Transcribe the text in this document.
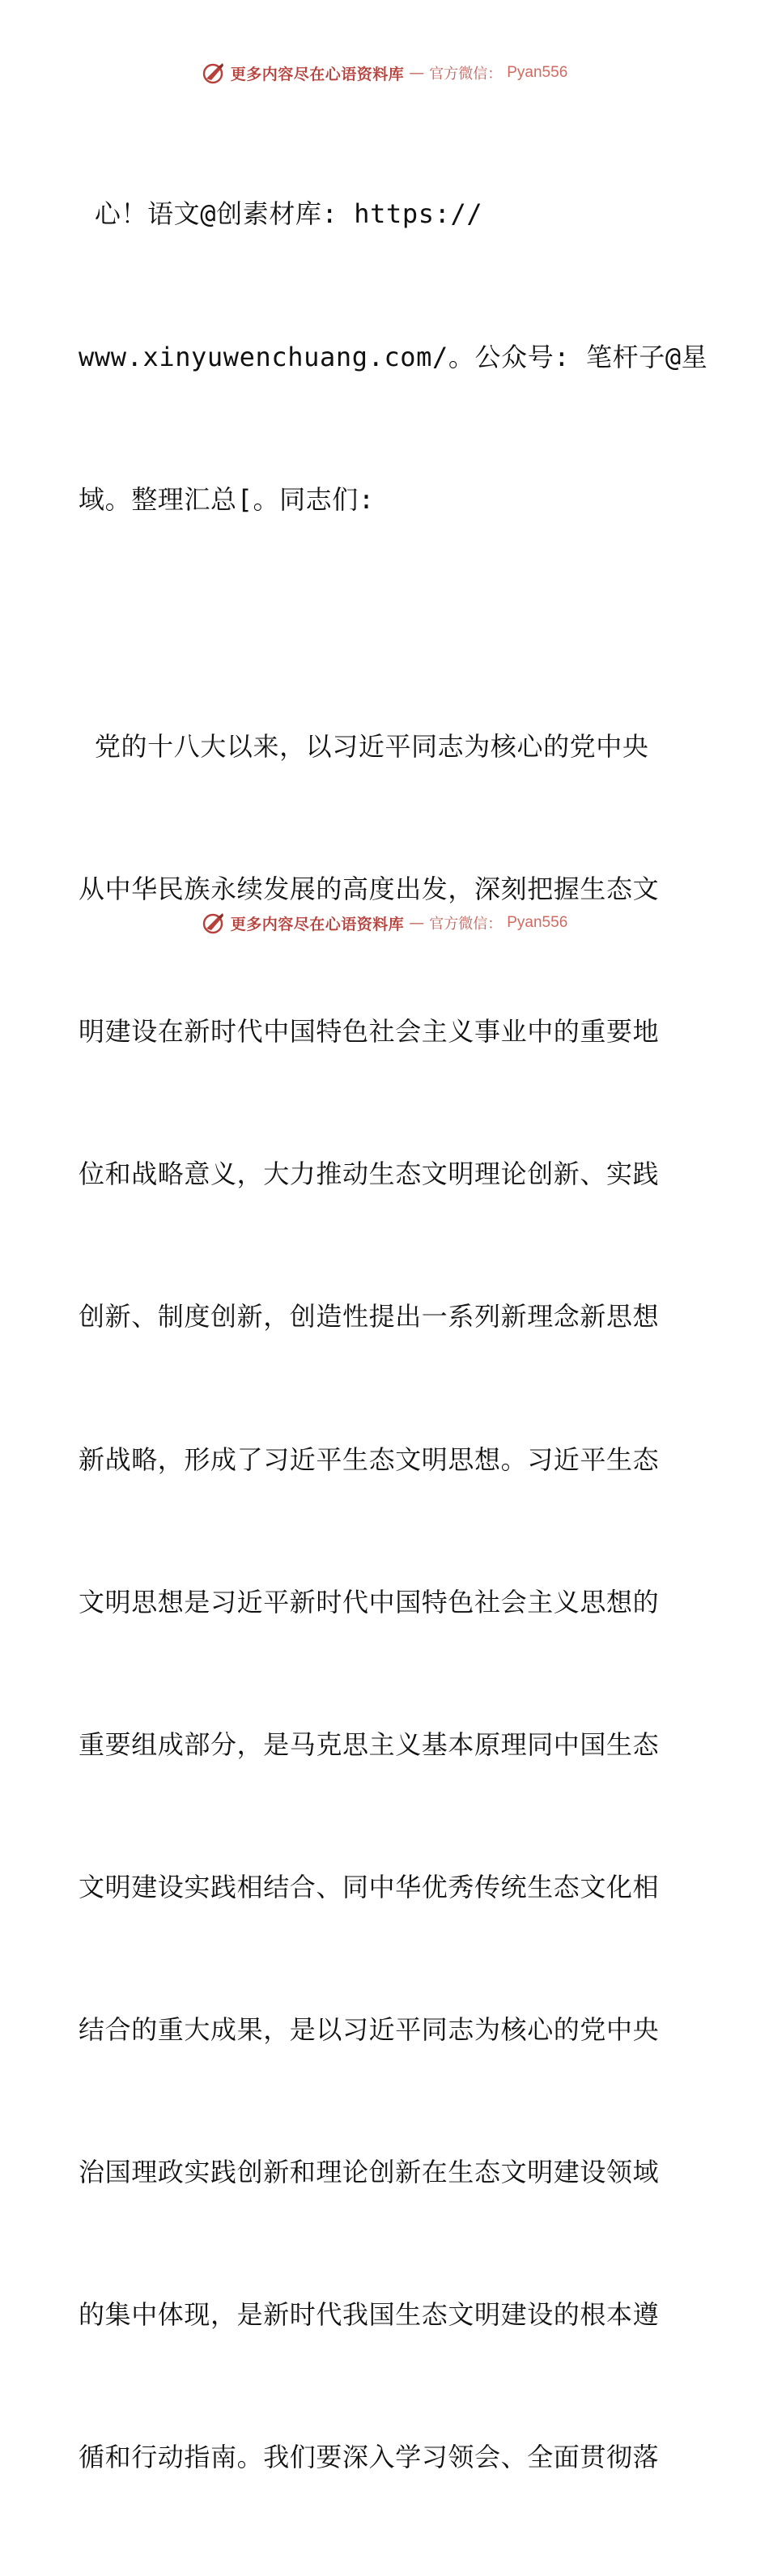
更多内容尽在心语资料库 — 官方微信： Pyan556

心！语文@创素材库: https://

www.xinyuwenchuang.com/。公众号: 笔杆子@星

域。整理汇总[。同志们:

党的十八大以来，以习近平同志为核心的党中央

从中华民族永续发展的高度出发，深刻把握生态文

明建设在新时代中国特色社会主义事业中的重要地

位和战略意义，大力推动生态文明理论创新、实践

创新、制度创新，创造性提出一系列新理念新思想

新战略，形成了习近平生态文明思想。习近平生态

文明思想是习近平新时代中国特色社会主义思想的

重要组成部分，是马克思主义基本原理同中国生态

文明建设实践相结合、同中华优秀传统生态文化相

结合的重大成果，是以习近平同志为核心的党中央

治国理政实践创新和理论创新在生态文明建设领域

的集中体现，是新时代我国生态文明建设的根本遵

循和行动指南。我们要深入学习领会、全面贯彻落

更多内容尽在心语资料库 — 官方微信： Pyan556
